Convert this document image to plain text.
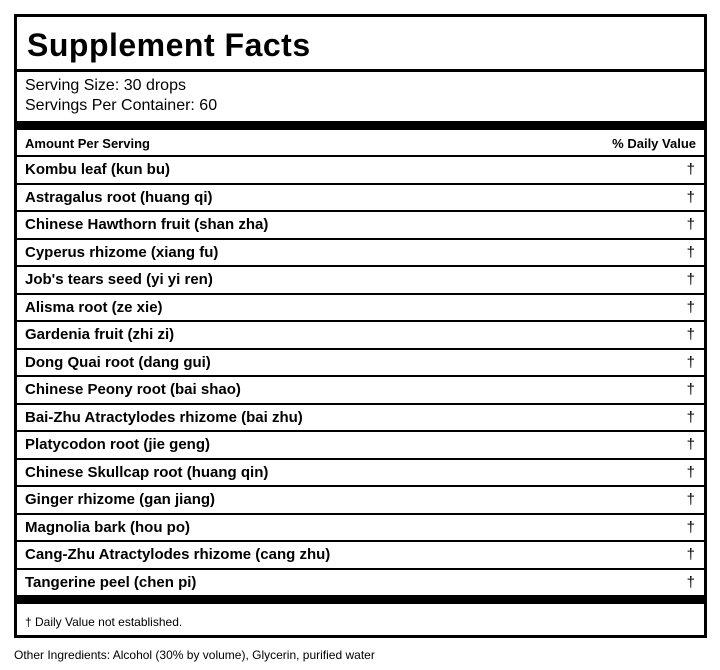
Supplement Facts
Serving Size: 30 drops
Servings Per Container: 60
Amount Per Serving	% Daily Value
Kombu leaf (kun bu)	†
Astragalus root (huang qi)	†
Chinese Hawthorn fruit (shan zha)	†
Cyperus rhizome (xiang fu)	†
Job's tears seed (yi yi ren)	†
Alisma root (ze xie)	†
Gardenia fruit (zhi zi)	†
Dong Quai root (dang gui)	†
Chinese Peony root (bai shao)	†
Bai-Zhu Atractylodes rhizome (bai zhu)	†
Platycodon root (jie geng)	†
Chinese Skullcap root (huang qin)	†
Ginger rhizome (gan jiang)	†
Magnolia bark (hou po)	†
Cang-Zhu Atractylodes rhizome (cang zhu)	†
Tangerine peel (chen pi)	†
† Daily Value not established.
Other Ingredients: Alcohol (30% by volume), Glycerin, purified water
